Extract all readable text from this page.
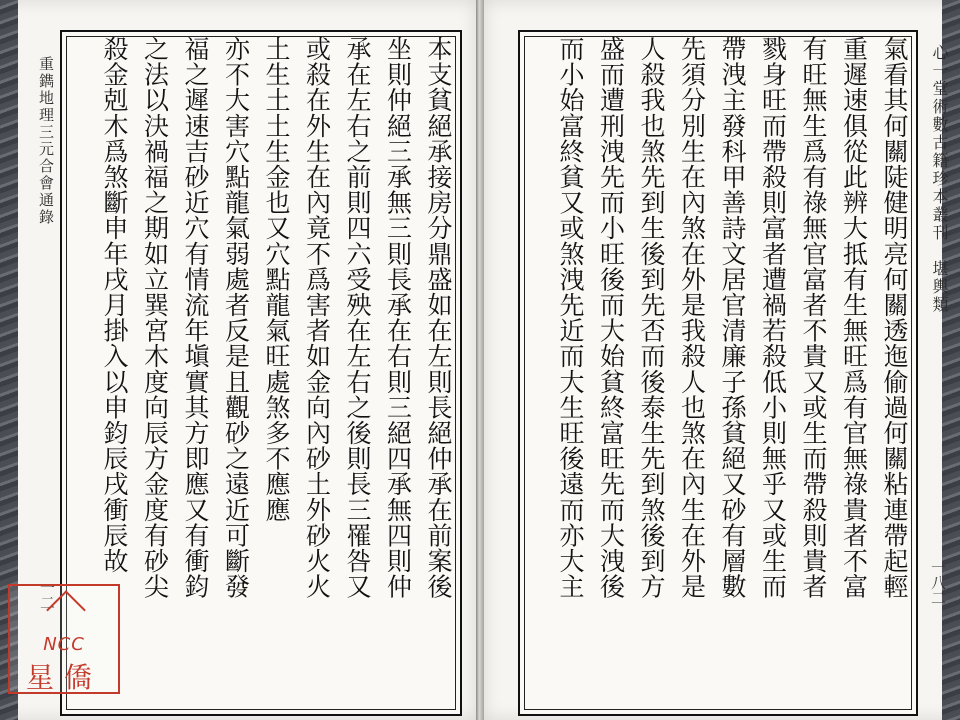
重鐫地理三元合會通錄	心一堂術數古籍珍本叢刊　堪輿類
一二	一八二
氣看其何關陡健明亮何關透迤偷過何關粘連帶起輕
重遲速俱從此辨大抵有生無旺爲有官無祿貴者不富
有旺無生爲有祿無官富者不貴又或生而帶殺則貴者
戮身旺而帶殺則富者遭禍若殺低小則無乎又或生而
帶洩主發科甲善詩文居官清廉子孫貧絕又砂有層數
先須分別生在內煞在外是我殺人也煞在內生在外是
人殺我也煞先到生後到先否而後泰生先到煞後到方
盛而遭刑洩先而小旺後而大始貧終富旺先而大洩後
而小始富終貧又或煞洩先近而大生旺後遠而亦大主
本支貧絕承接房分鼎盛如在左則長絕仲承在前案後
坐則仲絕三承無三則長承在右則三絕四承無四則仲
承在左右之前則四六受殃在左右之後則長三罹咎又
或殺在外生在內竟不爲害者如金向內砂土外砂火火
土生土土生金也又穴點龍氣旺處煞多不應應
亦不大害穴點龍氣弱處者反是且觀砂之遠近可斷發
福之遲速吉砂近穴有情流年塡實其方即應又有衝鈞
之法以決禍福之期如立巽宮木度向辰方金度有砂尖
殺金剋木爲煞斷申年戌月掛入以申鈞辰戌衝辰故
NCC
星僑
